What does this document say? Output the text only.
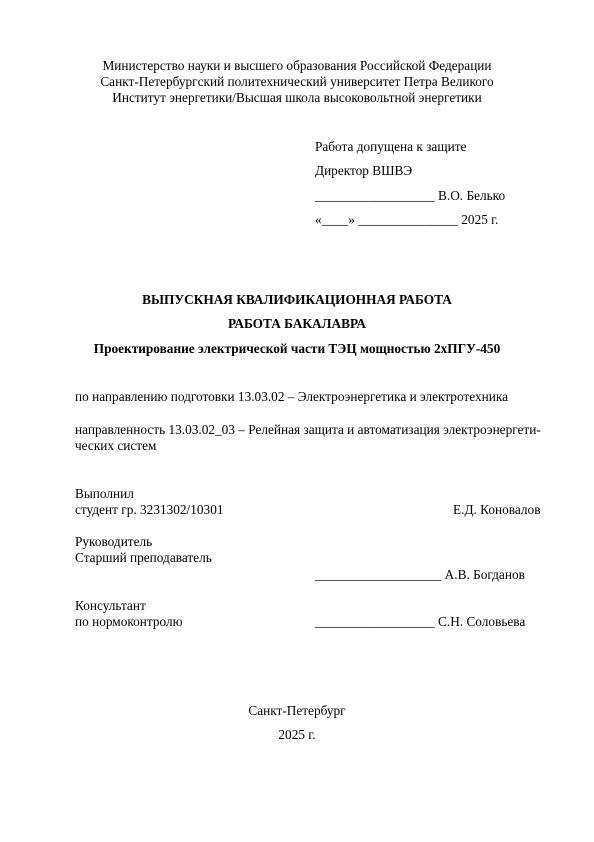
Министерство науки и высшего образования Российской Федерации
Санкт-Петербургский политехнический университет Петра Великого
Институт энергетики/Высшая школа высоковольтной энергетики
Работа допущена к защите
Директор ВШВЭ
__________________ В.О. Белько
«____» _______________ 2025 г.
ВЫПУСКНАЯ КВАЛИФИКАЦИОННАЯ РАБОТА
РАБОТА БАКАЛАВРА
Проектирование электрической части ТЭЦ мощностью 2хПГУ-450
по направлению подготовки 13.03.02 – Электроэнергетика и электротехника
направленность 13.03.02_03 – Релейная защита и автоматизация электроэнергети-
ческих систем
Выполнил
студент гр. 3231302/10301	Е.Д. Коновалов
Руководитель
Старший преподаватель
___________________ А.В. Богданов
Консультант
по нормоконтролю	__________________ С.Н. Соловьева
Санкт-Петербург
2025 г.
